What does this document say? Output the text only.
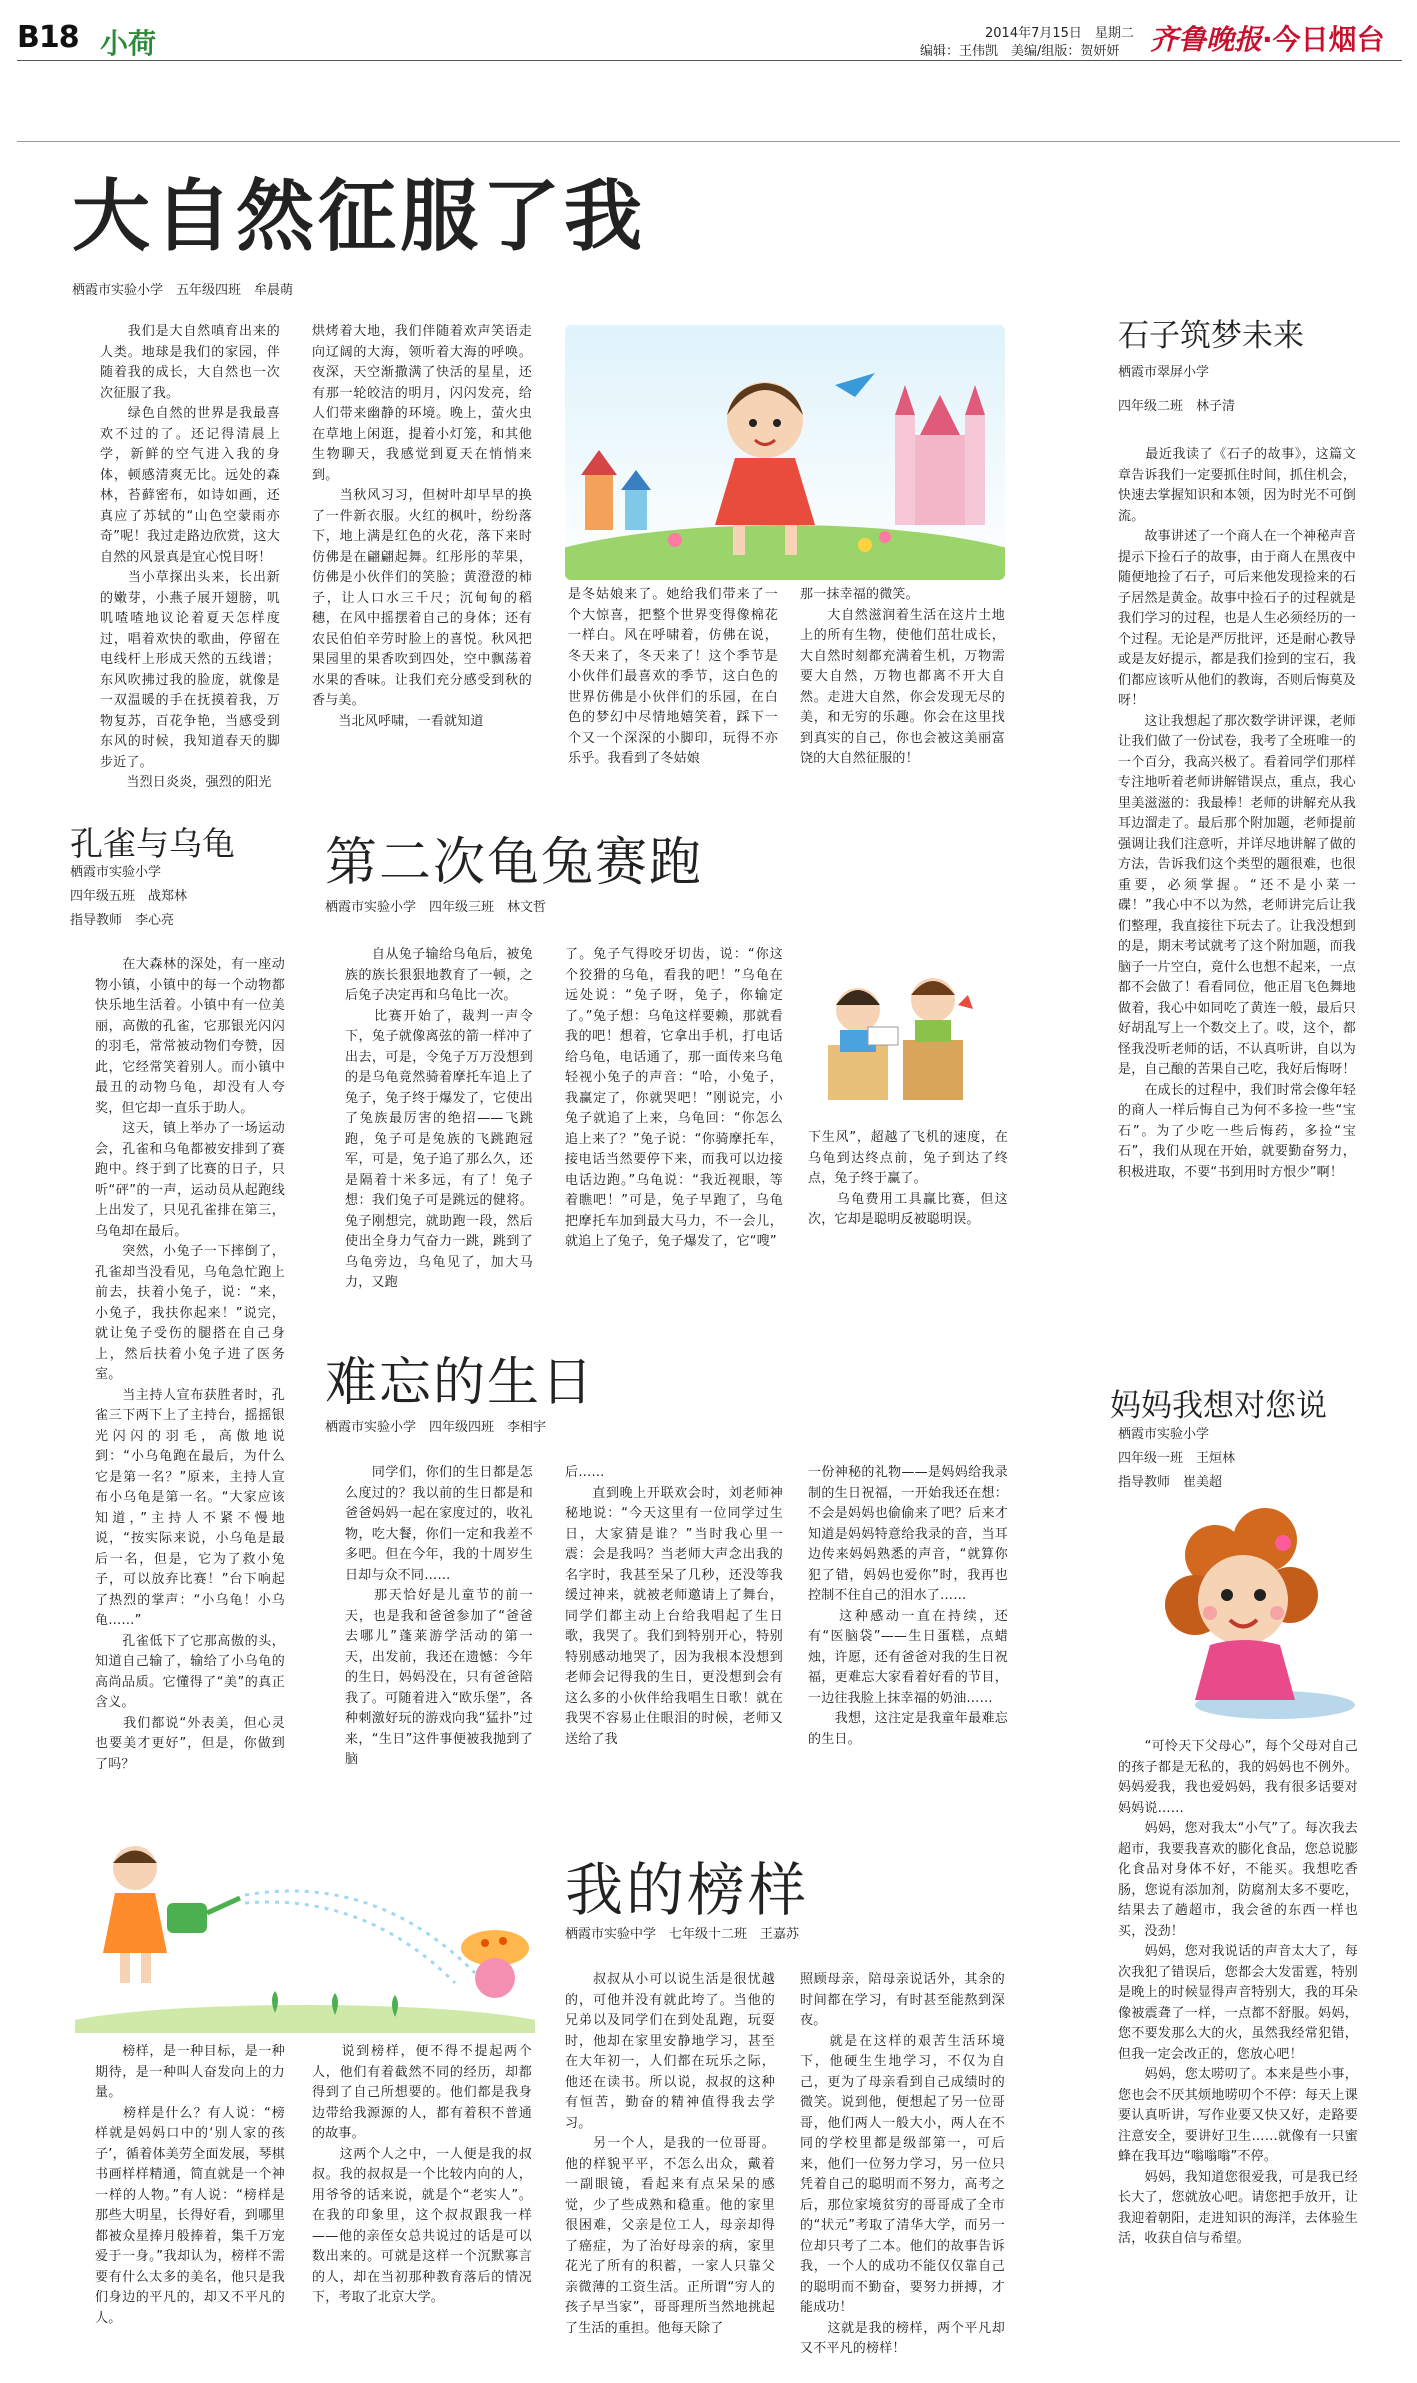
B18 小荷	2014年7月15日　星期二
编辑：王伟凯　美编/组版：贺妍妍 齐鲁晚报·今日烟台
大自然征服了我
栖霞市实验小学　五年级四班　牟晨萌
　　我们是大自然嗔育出来的人类。地球是我们的家园，伴随着我的成长，大自然也一次次征服了我。
　　绿色自然的世界是我最喜欢不过的了。还记得清晨上学，新鲜的空气进入我的身体，顿感清爽无比。远处的森林，苔藓密布，如诗如画，还真应了苏轼的“山色空蒙雨亦奇”呢！我过走路边欣赏，这大自然的风景真是宜心悦目呀！
　　当小草探出头来，长出新的嫩芽，小燕子展开翅膀，叽叽喳喳地议论着夏天怎样度过，唱着欢快的歌曲，停留在电线杆上形成天然的五线谱；东风吹拂过我的脸庞，就像是一双温暖的手在抚摸着我，万物复苏，百花争艳，当感受到东风的时候，我知道春天的脚步近了。
　　当烈日炎炎，强烈的阳光
烘烤着大地，我们伴随着欢声笑语走向辽阔的大海，领听着大海的呼唤。夜深，天空渐撒满了快活的星星，还有那一轮皎洁的明月，闪闪发亮，给人们带来幽静的环境。晚上，萤火虫在草地上闲逛，提着小灯笼，和其他生物聊天，我感觉到夏天在悄悄来到。
　　当秋风习习，但树叶却早早的换了一件新衣服。火红的枫叶，纷纷落下，地上满是红色的火花，落下来时仿佛是在翩翩起舞。红彤彤的苹果，仿佛是小伙伴们的笑脸；黄澄澄的柿子，让人口水三千尺；沉甸甸的稻穗，在风中摇摆着自己的身体；还有农民伯伯辛劳时脸上的喜悦。秋风把果园里的果香吹到四处，空中飘荡着水果的香味。让我们充分感受到秋的香与美。
　　当北风呼啸，一看就知道
是冬姑娘来了。她给我们带来了一个大惊喜，把整个世界变得像棉花一样白。风在呼啸着，仿佛在说，冬天来了，冬天来了！这个季节是小伙伴们最喜欢的季节，这白色的世界仿佛是小伙伴们的乐园，在白色的梦幻中尽情地嬉笑着，踩下一个又一个深深的小脚印，玩得不亦乐乎。我看到了冬姑娘
那一抹幸福的微笑。
　　大自然滋润着生活在这片土地上的所有生物，使他们茁壮成长，大自然时刻都充满着生机，万物需要大自然，万物也都离不开大自然。走进大自然，你会发现无尽的美，和无穷的乐趣。你会在这里找到真实的自己，你也会被这美丽富饶的大自然征服的！
石子筑梦未来
栖霞市翠屏小学
四年级二班　林子清
　　最近我读了《石子的故事》，这篇文章告诉我们一定要抓住时间，抓住机会，快速去掌握知识和本领，因为时光不可倒流。
　　故事讲述了一个商人在一个神秘声音提示下捡石子的故事，由于商人在黑夜中随便地捡了石子，可后来他发现捡来的石子居然是黄金。故事中捡石子的过程就是我们学习的过程，也是人生必须经历的一个过程。无论是严厉批评，还是耐心教导或是友好提示，都是我们捡到的宝石，我们都应该听从他们的教诲，否则后悔莫及呀！
　　这让我想起了那次数学讲评课，老师让我们做了一份试卷，我考了全班唯一的一个百分，我高兴极了。看着同学们那样专注地听着老师讲解错误点，重点，我心里美滋滋的：我最棒！老师的讲解充从我耳边溜走了。最后那个附加题，老师提前强调让我们注意听，并详尽地讲解了做的方法，告诉我们这个类型的题很难，也很重要，必须掌握。“还不是小菜一碟！”我心中不以为然，老师讲完后让我们整理，我直接往下玩去了。让我没想到的是，期末考试就考了这个附加题，而我脑子一片空白，竟什么也想不起来，一点都不会做了！看看同位，他正眉飞色舞地做着，我心中如同吃了黄连一般，最后只好胡乱写上一个数交上了。哎，这个，都怪我没听老师的话，不认真听讲，自以为是，自己酿的苦果自己吃，我好后悔呀！
　　在成长的过程中，我们时常会像年轻的商人一样后悔自己为何不多捡一些“宝石”。为了少吃一些后悔药，多捡“宝石”，我们从现在开始，就要勤奋努力，积极进取，不要“书到用时方恨少”啊！
孔雀与乌龟
栖霞市实验小学
四年级五班　战郑林
指导教师　李心亮
　　在大森林的深处，有一座动物小镇，小镇中的每一个动物都快乐地生活着。小镇中有一位美丽，高傲的孔雀，它那银光闪闪的羽毛，常常被动物们夸赞，因此，它经常笑着别人。而小镇中最丑的动物乌龟，却没有人夸奖，但它却一直乐于助人。
　　这天，镇上举办了一场运动会，孔雀和乌龟都被安排到了赛跑中。终于到了比赛的日子，只听“砰”的一声，运动员从起跑线上出发了，只见孔雀排在第三，乌龟却在最后。
　　突然，小兔子一下摔倒了，孔雀却当没看见，乌龟急忙跑上前去，扶着小兔子，说：“来，小兔子，我扶你起来！”说完，就让兔子受伤的腿搭在自己身上，然后扶着小兔子进了医务室。
　　当主持人宣布获胜者时，孔雀三下两下上了主持台，摇摇银光闪闪的羽毛，高傲地说到：“小乌龟跑在最后，为什么它是第一名？”原来，主持人宣布小乌龟是第一名。“大家应该知道，”主持人不紧不慢地说，“按实际来说，小乌龟是最后一名，但是，它为了救小兔子，可以放弃比赛！”台下响起了热烈的掌声：“小乌龟！小乌龟……”
　　孔雀低下了它那高傲的头，知道自己输了，输给了小乌龟的高尚品质。它懂得了“美”的真正含义。
　　我们都说“外表美，但心灵也要美才更好”，但是，你做到了吗？
第二次龟兔赛跑
栖霞市实验小学　四年级三班　林文哲
　　自从兔子输给乌龟后，被兔族的族长狠狠地教育了一顿，之后兔子决定再和乌龟比一次。
　　比赛开始了，裁判一声令下，兔子就像离弦的箭一样冲了出去，可是，令兔子万万没想到的是乌龟竟然骑着摩托车追上了兔子，兔子终于爆发了，它使出了兔族最厉害的绝招——飞跳跑，兔子可是兔族的飞跳跑冠军，可是，兔子追了那么久，还是隔着十米多远，有了！兔子想：我们兔子可是跳远的健将。兔子刚想完，就助跑一段，然后使出全身力气奋力一跳，跳到了乌龟旁边，乌龟见了，加大马力，又跑
了。兔子气得咬牙切齿，说：“你这个狡猾的乌龟，看我的吧！”乌龟在远处说：“兔子呀，兔子，你输定了。”兔子想：乌龟这样要赖，那就看我的吧！想着，它拿出手机，打电话给乌龟，电话通了，那一面传来乌龟轻视小兔子的声音：“哈，小兔子，我赢定了，你就哭吧！”刚说完，小兔子就追了上来，乌龟回：“你怎么追上来了？”兔子说：“你骑摩托车，接电话当然要停下来，而我可以边接电话边跑。”乌龟说：“我近视眼，等着瞧吧！”可是，兔子早跑了，乌龟把摩托车加到最大马力，不一会儿，就追上了兔子，兔子爆发了，它“嗖”
下生风”，超越了飞机的速度，在乌龟到达终点前，兔子到达了终点，兔子终于赢了。
　　乌龟费用工具赢比赛，但这次，它却是聪明反被聪明误。
难忘的生日
栖霞市实验小学　四年级四班　李相宇
　　同学们，你们的生日都是怎么度过的？我以前的生日都是和爸爸妈妈一起在家度过的，收礼物，吃大餐，你们一定和我差不多吧。但在今年，我的十周岁生日却与众不同……
　　那天恰好是儿童节的前一天，也是我和爸爸参加了“爸爸去哪儿”蓬莱游学活动的第一天，出发前，我还在遗憾：今年的生日，妈妈没在，只有爸爸陪我了。可随着进入“欧乐堡”，各种刺激好玩的游戏向我“猛扑”过来，“生日”这件事便被我抛到了脑
后……
　　直到晚上开联欢会时，刘老师神秘地说：“今天这里有一位同学过生日，大家猜是谁？”当时我心里一震：会是我吗？当老师大声念出我的名字时，我甚至呆了几秒，还没等我缓过神来，就被老师邀请上了舞台，同学们都主动上台给我唱起了生日歌，我哭了。我们到特别开心，特别特别感动地哭了，因为我根本没想到老师会记得我的生日，更没想到会有这么多的小伙伴给我唱生日歌！就在我哭不容易止住眼泪的时候，老师又送给了我
一份神秘的礼物——是妈妈给我录制的生日祝福，一开始我还在想：不会是妈妈也偷偷来了吧？后来才知道是妈妈特意给我录的音，当耳边传来妈妈熟悉的声音，“就算你犯了错，妈妈也爱你”时，我再也控制不住自己的泪水了……
　　这种感动一直在持续，还有“医脑袋”——生日蛋糕，点蜡烛，许愿，还有爸爸对我的生日祝福，更难忘大家看着好看的节目，一边往我脸上抹幸福的奶油……
　　我想，这注定是我童年最难忘的生日。
妈妈我想对您说
栖霞市实验小学
四年级一班　王烜林
指导教师　崔美超
　　“可怜天下父母心”，每个父母对自己的孩子都是无私的，我的妈妈也不例外。妈妈爱我，我也爱妈妈，我有很多话要对妈妈说……
　　妈妈，您对我太“小气”了。每次我去超市，我要我喜欢的膨化食品，您总说膨化食品对身体不好，不能买。我想吃香肠，您说有添加剂，防腐剂太多不要吃，结果去了趟超市，我会爸的东西一样也买，没劲！
　　妈妈，您对我说话的声音太大了，每次我犯了错误后，您都会大发雷霆，特别是晚上的时候显得声音特别大，我的耳朵像被震聋了一样，一点都不舒服。妈妈，您不要发那么大的火，虽然我经常犯错，但我一定会改正的，您放心吧！
　　妈妈，您太唠叨了。本来是些小事，您也会不厌其烦地唠叨个不停：每天上课要认真听讲，写作业要又快又好，走路要注意安全，要讲好卫生……就像有一只蜜蜂在我耳边“嗡嗡嗡”不停。
　　妈妈，我知道您很爱我，可是我已经长大了，您就放心吧。请您把手放开，让我迎着朝阳，走进知识的海洋，去体验生活，收获自信与希望。
我的榜样
栖霞市实验中学　七年级十二班　王嘉苏
　　榜样，是一种目标，是一种期待，是一种叫人奋发向上的力量。
　　榜样是什么？有人说：“榜样就是妈妈口中的‘别人家的孩子’，循着体美劳全面发展，琴棋书画样样精通，简直就是一个神一样的人物。”有人说：“榜样是那些大明星，长得好看，到哪里都被众星捧月般捧着，集千万宠爱于一身。”我却认为，榜样不需要有什么太多的美名，他只是我们身边的平凡的，却又不平凡的人。
　　说到榜样，便不得不提起两个人，他们有着截然不同的经历，却都得到了自己所想要的。他们都是我身边带给我源源的人，都有着积不普通的故事。
　　这两个人之中，一人便是我的叔叔。我的叔叔是一个比较内向的人，用爷爷的话来说，就是个“老实人”。在我的印象里，这个叔叔跟我一样——他的亲侄女总共说过的话是可以数出来的。可就是这样一个沉默寡言的人，却在当初那种教育落后的情况下，考取了北京大学。
　　叔叔从小可以说生活是很忧越的，可他并没有就此垮了。当他的兄弟以及同学们在到处乱跑，玩耍时，他却在家里安静地学习，甚至在大年初一，人们都在玩乐之际，他还在读书。所以说，叔叔的这种有恒苦，勤奋的精神值得我去学习。
　　另一个人，是我的一位哥哥。他的样貌平平，不怎么出众，戴着一副眼镜，看起来有点呆呆的感觉，少了些成熟和稳重。他的家里很困难，父亲是位工人，母亲却得了癌症，为了治好母亲的病，家里花光了所有的积蓄，一家人只靠父亲微薄的工资生活。正所谓“穷人的孩子早当家”，哥哥理所当然地挑起了生活的重担。他每天除了
照顾母亲，陪母亲说话外，其余的时间都在学习，有时甚至能熬到深夜。
　　就是在这样的艰苦生活环境下，他硬生生地学习，不仅为自己，更为了母亲看到自己成绩时的微笑。说到他，便想起了另一位哥哥，他们两人一般大小，两人在不同的学校里都是级部第一，可后来，他们一位努力学习，另一位只凭着自己的聪明而不努力，高考之后，那位家境贫穷的哥哥成了全市的“状元”考取了清华大学，而另一位却只考了二本。他们的故事告诉我，一个人的成功不能仅仅靠自己的聪明而不勤奋，要努力拼搏，才能成功！
　　这就是我的榜样，两个平凡却又不平凡的榜样！
